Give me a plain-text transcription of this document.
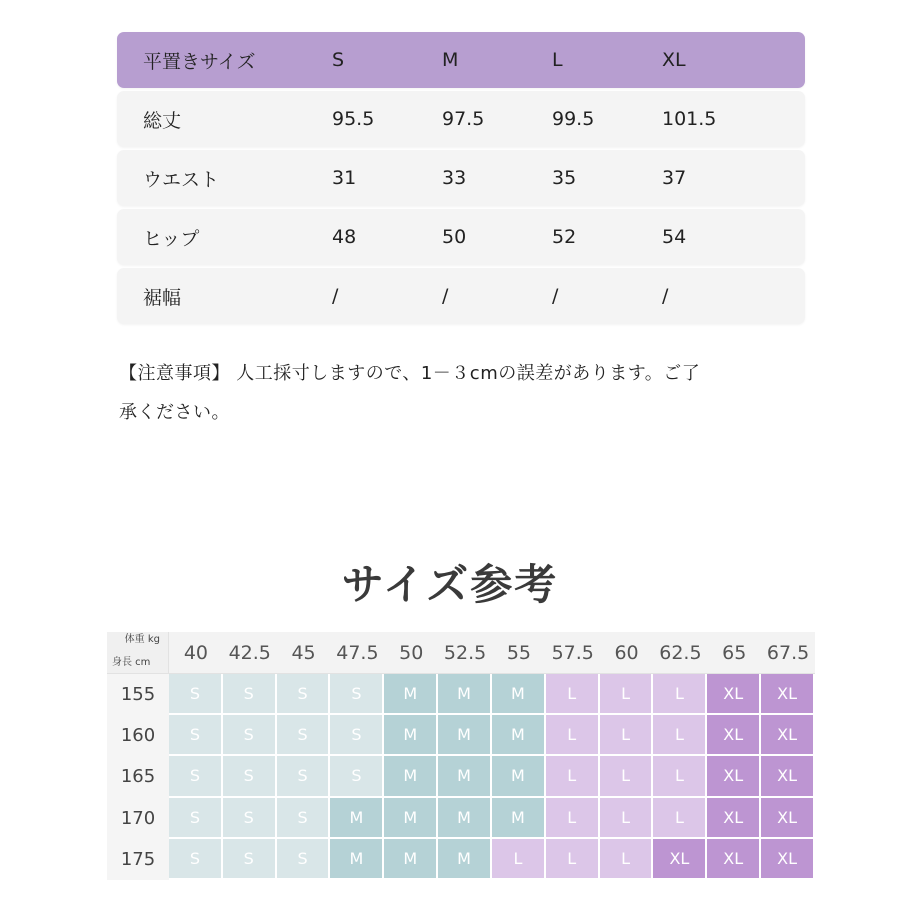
平置きサイズ	S	M	L	XL
総丈	95.5	97.5	99.5	101.5
ウエスト	31	33	35	37
ヒップ	48	50	52	54
裾幅	/	/	/	/
【注意事項】 人工採寸しますので、1－３cmの誤差があります。ご了
承ください。
サイズ参考
体重 kg
身長 cm	40	42.5	45	47.5	50	52.5	55	57.5	60	62.5	65	67.5
155	S	S	S	S	M	M	M	L	L	L	XL	XL
160	S	S	S	S	M	M	M	L	L	L	XL	XL
165	S	S	S	S	M	M	M	L	L	L	XL	XL
170	S	S	S	M	M	M	M	L	L	L	XL	XL
175	S	S	S	M	M	M	L	L	L	XL	XL	XL
